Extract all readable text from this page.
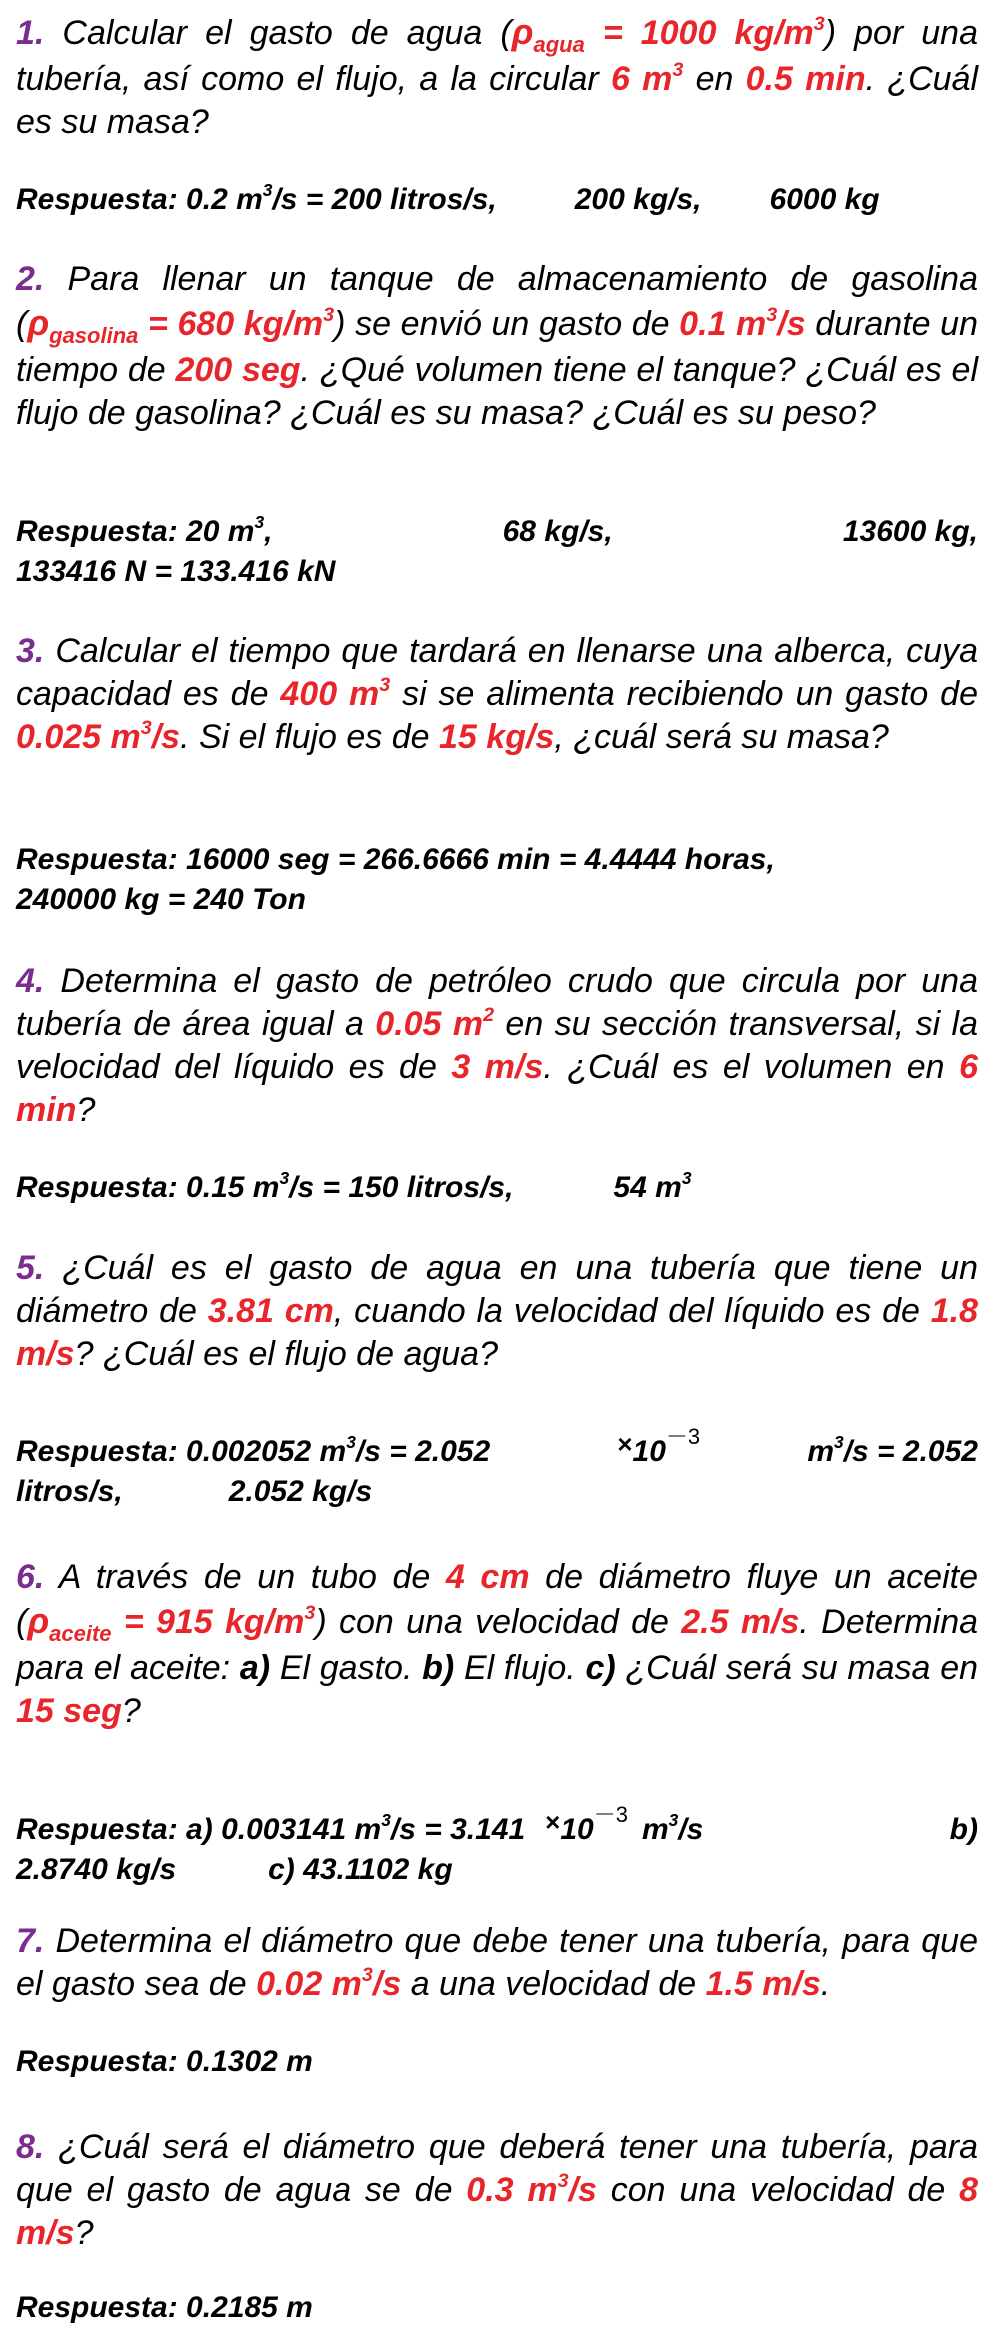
1. Calcular el gasto de agua ($\rho_{agua} = 1000$ $kg/m^3$) por una tubería, así como el flujo, a la circular 6 $m^3$ en 0.5 min. ¿Cuál es su masa?

Respuesta: 0.2 $m^3/s = 200$ litros/s,	200 kg/s, 6000 kg

2. Para llenar un tanque de almacenamiento de gasolina ($\rho_{gasolina} = 680$ $kg/m^3$) se envió un gasto de 0.1 $m^3/s$ durante un tiempo de 200 seg. ¿Qué volumen tiene el tanque? ¿Cuál es el flujo de gasolina? ¿Cuál es su masa? ¿Cuál es su peso?

Respuesta: 20 $m^3$,	68 kg/s,	13600 kg,
133416 N = 133.416 kN

3. Calcular el tiempo que tardará en llenarse una alberca, cuya capacidad es de 400 $m^3$ si se alimenta recibiendo un gasto de 0.025 $m^3/s$. Si el flujo es de 15 kg/s, ¿cuál será su masa?

Respuesta: 16000 seg = 266.6666 min = 4.4444 horas,
240000 kg = 240 Ton

4. Determina el gasto de petróleo crudo que circula por una tubería de área igual a 0.05 $m^2$ en su sección transversal, si la velocidad del líquido es de 3 m/s. ¿Cuál es el volumen en 6 min?

Respuesta: 0.15 $m^3/s = 150$ litros/s,	54 $m^3$

5. ¿Cuál es el gasto de agua en una tubería que tiene un diámetro de 3.81 cm, cuando la velocidad del líquido es de 1.8 m/s? ¿Cuál es el flujo de agua?

Respuesta: 0.002052 $m^3/s = 2.052$	$\times 10^{-3}$	$m^3/s = 2.052$
litros/s,	2.052 kg/s

6. A través de un tubo de 4 cm de diámetro fluye un aceite ($\rho_{aceite} = 915$ $kg/m^3$) con una velocidad de 2.5 m/s. Determina para el aceite: a) El gasto. b) El flujo. c) ¿Cuál será su masa en 15 seg?

Respuesta: a) 0.003141 $m^3/s = 3.141 \times 10^{-3}$ $m^3/s$	b)
2.8740 kg/s	c) 43.1102 kg

7. Determina el diámetro que debe tener una tubería, para que el gasto sea de 0.02 $m^3/s$ a una velocidad de 1.5 m/s.

Respuesta: 0.1302 m

8. ¿Cuál será el diámetro que deberá tener una tubería, para que el gasto de agua se de 0.3 $m^3/s$ con una velocidad de 8 m/s?

Respuesta: 0.2185 m
